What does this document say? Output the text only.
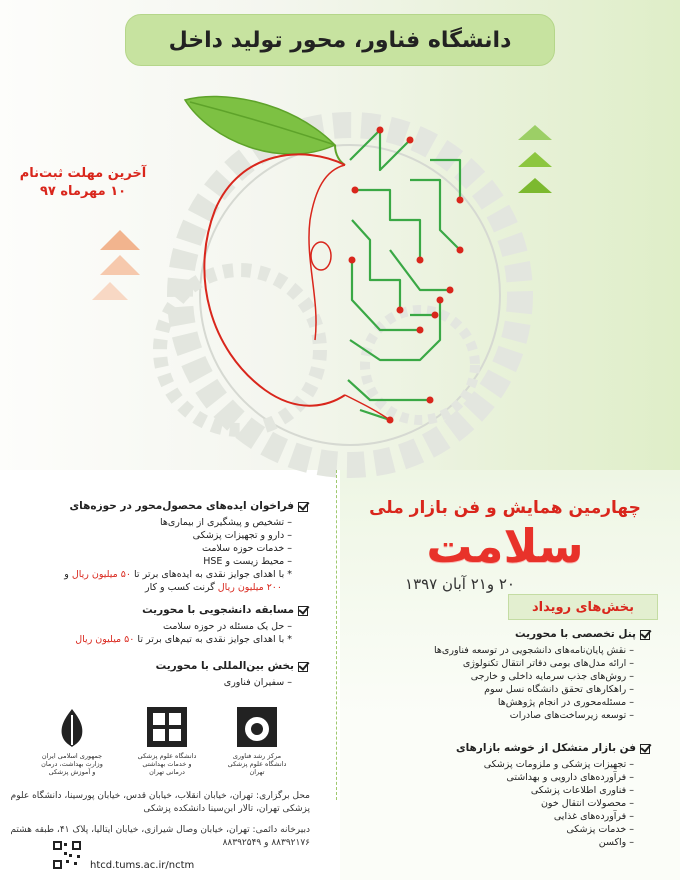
دانشگاه فناور، محور تولید داخل
آخرین مهلت ثبت‌نام
۱۰ مهرماه ۹۷
چهارمین همایش و فن بازار ملی
سلامت
۲۰ و۲۱ آبان ۱۳۹۷
بخش‌های رویداد
فراخوان ایده‌های محصول‌محور در حوزه‌های
– تشخیص و پیشگیری از بیماری‌ها
– دارو و تجهیزات پزشکی
– خدمات حوزه سلامت
– محیط زیست و HSE
* با اهدای جوایز نقدی به ایده‌های برتر تا ۵۰ میلیون ریال و
۲۰۰ میلیون ریال گرنت کسب و کار
مسابقه دانشجویی با محوریت
– حل یک مسئله در حوزه سلامت
* با اهدای جوایز نقدی به تیم‌های برتر تا ۵۰ میلیون ریال
بخش بین‌المللی با محوریت
– سفیران فناوری
پنل تخصصی با محوریت
– نقش پایان‌نامه‌های دانشجویی در توسعه فناوری‌ها
– ارائه مدل‌های بومی دفاتر انتقال تکنولوژی
– روش‌های جذب سرمایه داخلی و خارجی
– راهکارهای تحقق دانشگاه نسل سوم
– مسئله‌محوری در انجام پژوهش‌ها
– توسعه زیرساخت‌های صادرات
فن بازار متشکل از خوشه بازارهای
– تجهیزات پزشکی و ملزومات پزشکی
– فرآورده‌های دارویی و بهداشتی
– فناوری اطلاعات پزشکی
– محصولات انتقال خون
– فرآورده‌های غذایی
– خدمات پزشکی
– واکسن
جمهوری اسلامی ایران
وزارت بهداشت، درمان و آموزش پزشکی
دانشگاه علوم پزشکی
و خدمات بهداشتی درمانی تهران
مرکز رشد فناوری
دانشگاه علوم پزشکی تهران
محل برگزاری: تهران، خیابان انقلاب، خیابان قدس، خیابان پورسینا، دانشگاه علوم پزشکی تهران، تالار ابن‌سینا دانشکده پزشکی
دبیرخانه دائمی: تهران، خیابان وصال شیرازی، خیابان ایتالیا، پلاک ۴۱، طبقه هشتم ۸۸۳۹۲۱۷۶ و ۸۸۳۹۲۵۴۹
htcd.tums.ac.ir/nctm
